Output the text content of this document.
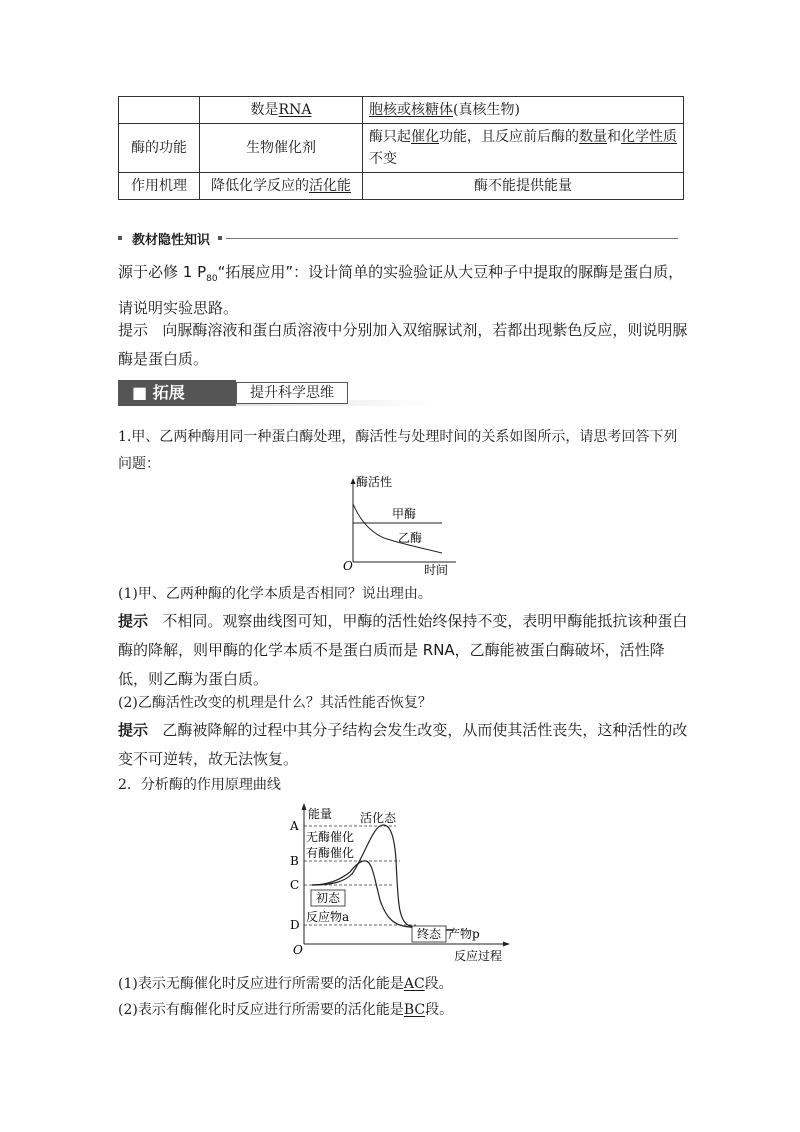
	数是RNA	胞核或核糖体(真核生物)
酶的功能	生物催化剂	酶只起催化功能，且反应前后酶的数量和化学性质不变
作用机理	降低化学反应的活化能	酶不能提供能量
教材隐性知识
源于必修 1 $P_{80}“$拓展应用”：设计简单的实验验证从大豆种子中提取的脲酶是蛋白质，请说明实验思路。
提示 向脲酶溶液和蛋白质溶液中分别加入双缩脲试剂，若都出现紫色反应，则说明脲酶是蛋白质。
■ 拓展	提升科学思维
1.甲、乙两种酶用同一种蛋白酶处理，酶活性与处理时间的关系如图所示，请思考回答下列问题：
酶活性
时间
O
甲酶
乙酶
(1)甲、乙两种酶的化学本质是否相同？说出理由。
提示 不相同。观察曲线图可知，甲酶的活性始终保持不变，表明甲酶能抵抗该种蛋白酶的降解，则甲酶的化学本质不是蛋白质而是 RNA，乙酶能被蛋白酶破坏，活性降低，则乙酶为蛋白质。
(2)乙酶活性改变的机理是什么？其活性能否恢复？
提示 乙酶被降解的过程中其分子结构会发生改变，从而使其活性丧失，这种活性的改变不可逆转，故无法恢复。
2．分析酶的作用原理曲线
能量
A
B
C
D
O	反应过程
活化态
无酶催化
有酶催化
初态
反应物a
终态 产物p
(1)表示无酶催化时反应进行所需要的活化能是AC段。
(2)表示有酶催化时反应进行所需要的活化能是BC段。
